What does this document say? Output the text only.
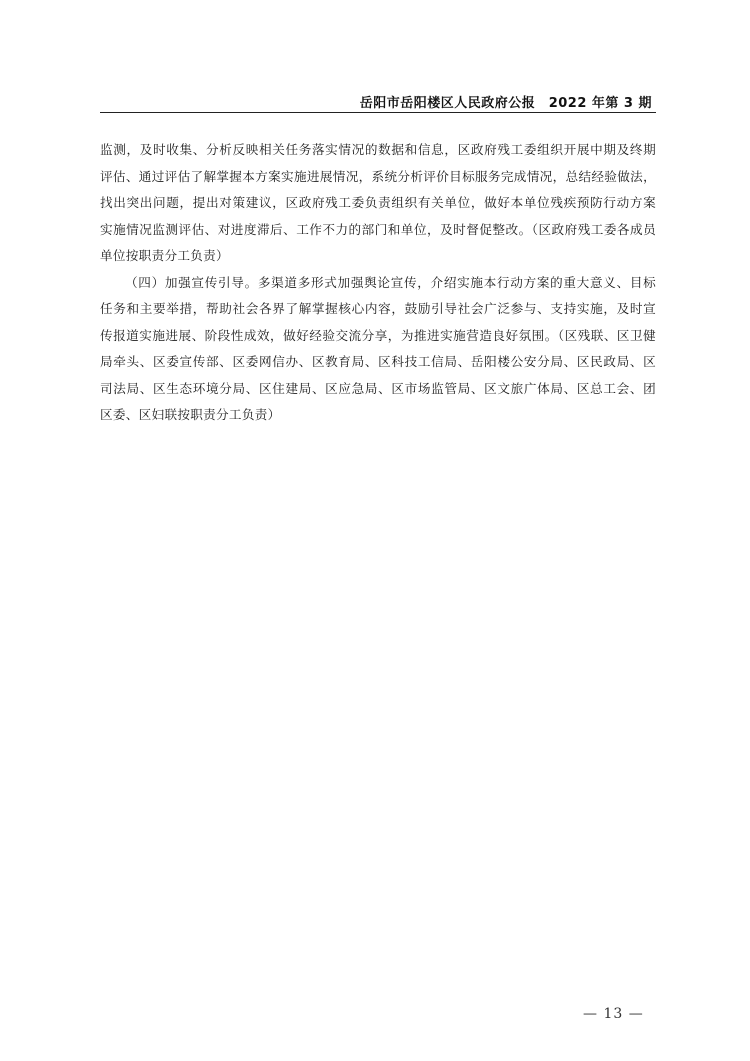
岳阳市岳阳楼区人民政府公报　2022 年第 3 期
监测，及时收集、分析反映相关任务落实情况的数据和信息，区政府残工委组织开展中期及终期
评估、通过评估了解掌握本方案实施进展情况，系统分析评价目标服务完成情况，总结经验做法，
找出突出问题，提出对策建议，区政府残工委负责组织有关单位，做好本单位残疾预防行动方案
实施情况监测评估、对进度滞后、工作不力的部门和单位，及时督促整改。（区政府残工委各成员
单位按职责分工负责）
（四）加强宣传引导。多渠道多形式加强舆论宣传，介绍实施本行动方案的重大意义、目标
任务和主要举措，帮助社会各界了解掌握核心内容，鼓励引导社会广泛参与、支持实施，及时宣
传报道实施进展、阶段性成效，做好经验交流分享，为推进实施营造良好氛围。（区残联、区卫健
局牵头、区委宣传部、区委网信办、区教育局、区科技工信局、岳阳楼公安分局、区民政局、区
司法局、区生态环境分局、区住建局、区应急局、区市场监管局、区文旅广体局、区总工会、团
区委、区妇联按职责分工负责）
— 13 —
